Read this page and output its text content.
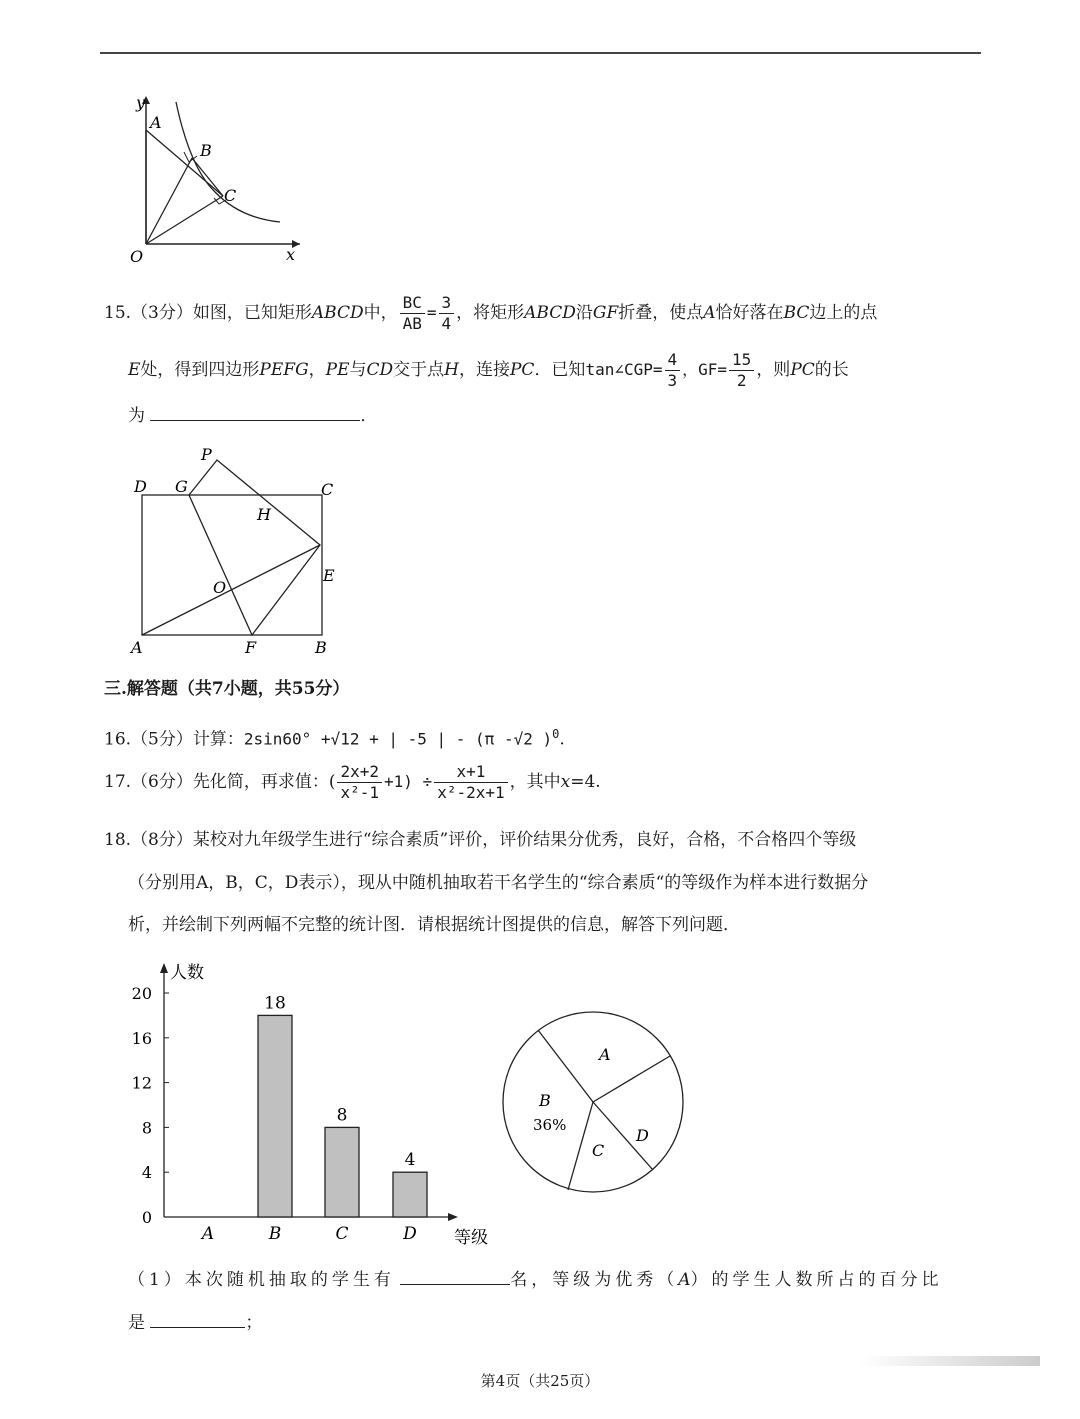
y
A
B
C
O	x
15.（3分）如图，已知矩形ABCD中， $\frac{BC}{AB} = \frac{3}{4}$ ，将矩形ABCD沿GF折叠，使点A恰好落在BC边上的点
E处，得到四边形PEFG，PE与CD交于点H，连接PC．已知tan∠CGP= $\frac{4}{3}$ ，$GF= \frac{15}{2}$ ，则PC的长
为	．
P
D G	C
H
E
O
A	F	B
三.解答题（共7小题，共55分）
16.（5分）计算：2sin60° +√12 + | -5 | - (π -√2 )$^0$.
17.（6分）先化简，再求值：( $\frac{2x+2}{\text{x²-1}} +1) \div \frac{x+1}{\text{x²-2x+1}}$ ，其中x=4.
18.（8分）某校对九年级学生进行“综合素质”评价，评价结果分优秀，良好，合格，不合格四个等级
（分别用A，B，C，D表示），现从中随机抽取若干名学生的“综合素质“的等级作为样本进行数据分
析，并绘制下列两幅不完整的统计图．请根据统计图提供的信息，解答下列问题．
人数
等级
0
4
8
12
16
20
A
18
B
8
C
4
D
A
B
36%
C
D
（1）本次随机抽取的学生有	名，等级为优秀（A）的学生人数所占的百分比
是	；
第4页（共25页）
